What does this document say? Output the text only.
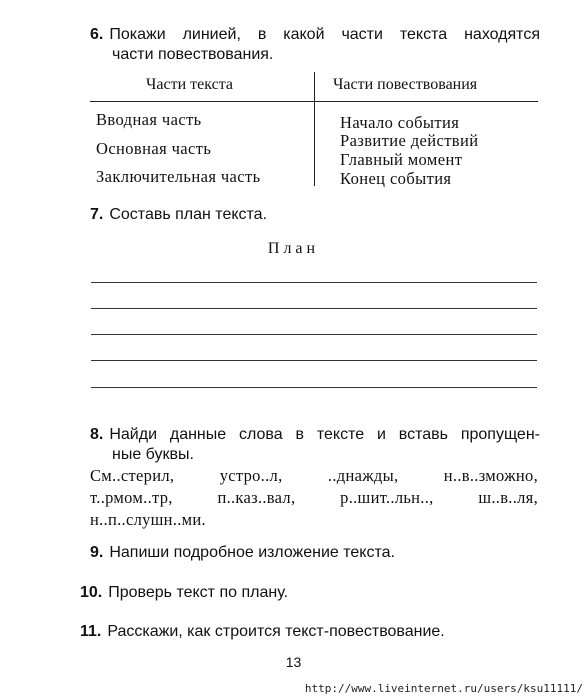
6. Покажи линией, в какой части текста находятся
части повествования.
Части текста	Части повествования
Вводная часть
Основная часть
Заключительная часть
Начало события
Развитие действий
Главный момент
Конец события
7. Составь план текста.
План
8. Найди данные слова в тексте и вставь пропущен-
ные буквы.
См..стерил, устро..л, ..днажды, н..в..зможно,
т..рмом..тр, п..каз..вал, р..шит..льн.., ш..в..ля,
н..п..слушн..ми.
9. Напиши подробное изложение текста.
10. Проверь текст по плану.
11. Расскажи, как строится текст-повествование.
13
http://www.liveinternet.ru/users/ksu11111/
